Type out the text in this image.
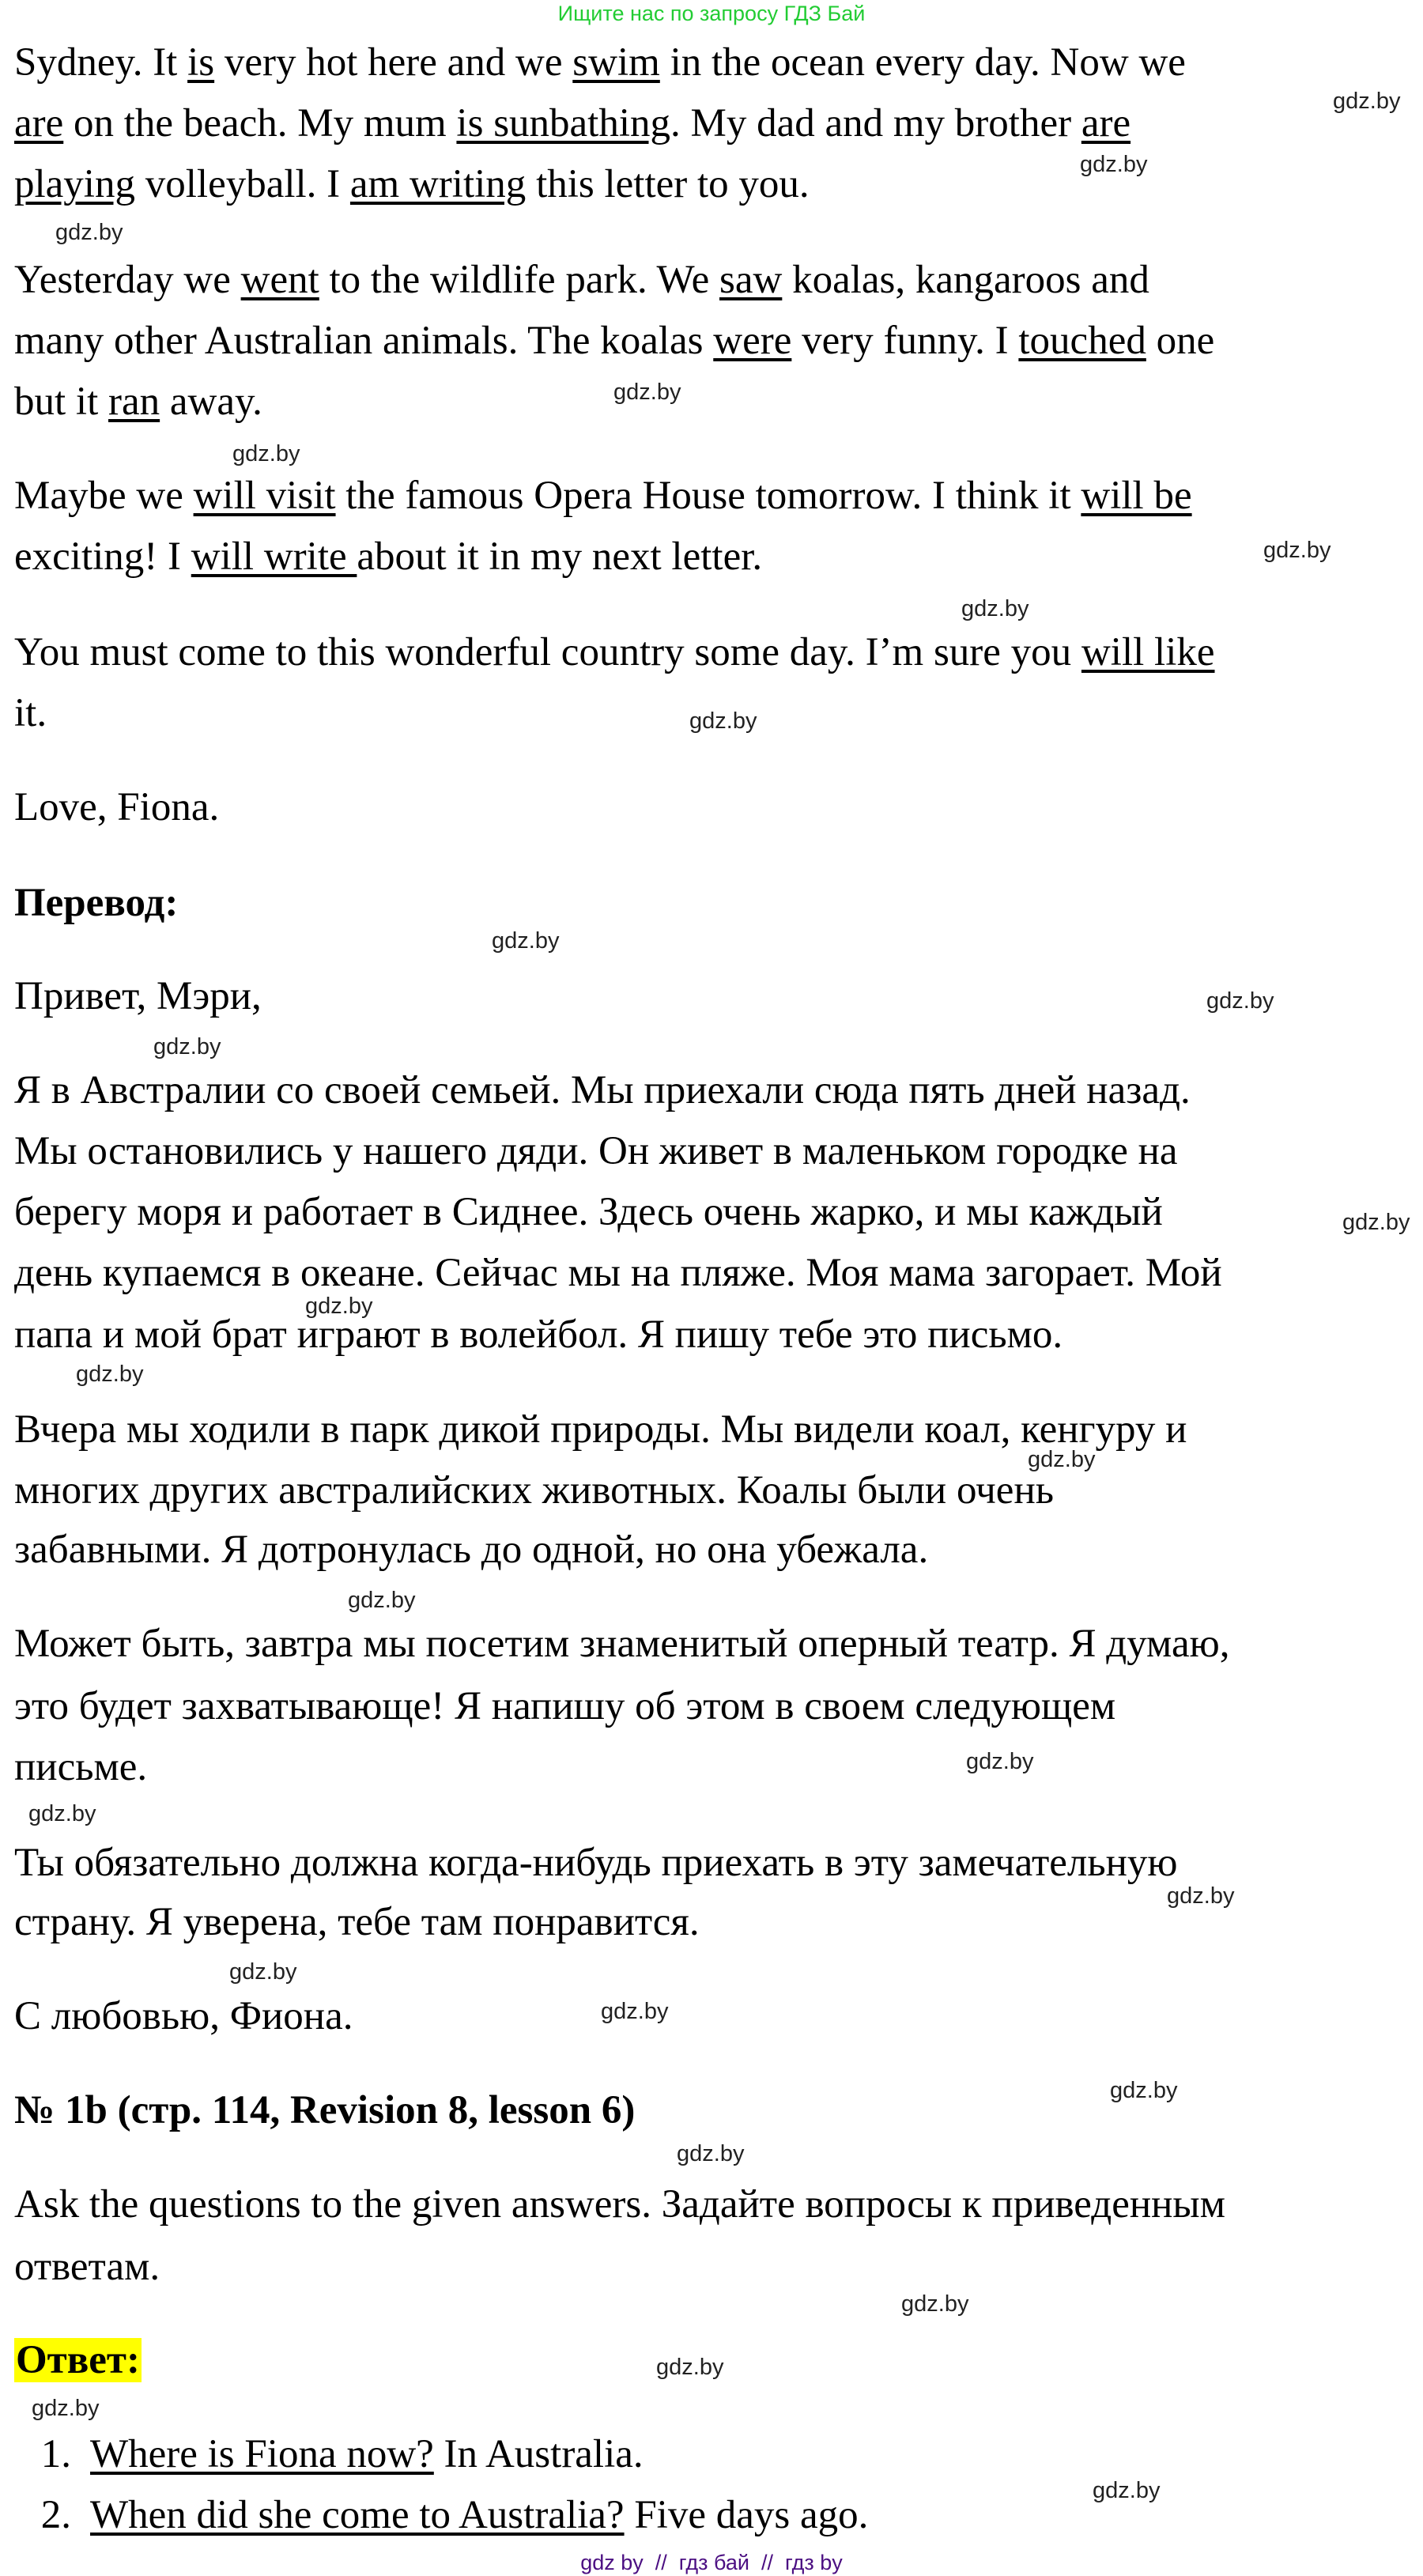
Ищите нас по запросу ГДЗ Бай
Sydney. It is very hot here and we swim in the ocean every day. Now we
are on the beach. My mum is sunbathing. My dad and my brother are
playing volleyball. I am writing this letter to you.
Yesterday we went to the wildlife park. We saw koalas, kangaroos and
many other Australian animals. The koalas were very funny. I touched one
but it ran away.
Maybe we will visit the famous Opera House tomorrow. I think it will be
exciting! I will write about it in my next letter.
You must come to this wonderful country some day. I’m sure you will like
it.
Love, Fiona.
Перевод:
Привет, Мэри,
Я в Австралии со своей семьей. Мы приехали сюда пять дней назад.
Мы остановились у нашего дяди. Он живет в маленьком городке на
берегу моря и работает в Сиднее. Здесь очень жарко, и мы каждый
день купаемся в океане. Сейчас мы на пляже. Моя мама загорает. Мой
папа и мой брат играют в волейбол. Я пишу тебе это письмо.
Вчера мы ходили в парк дикой природы. Мы видели коал, кенгуру и
многих других австралийских животных. Коалы были очень
забавными. Я дотронулась до одной, но она убежала.
Может быть, завтра мы посетим знаменитый оперный театр. Я думаю,
это будет захватывающе! Я напишу об этом в своем следующем
письме.
Ты обязательно должна когда-нибудь приехать в эту замечательную
страну. Я уверена, тебе там понравится.
С любовью, Фиона.
№ 1b (стр. 114, Revision 8, lesson 6)
Ask the questions to the given answers. Задайте вопросы к приведенным
ответам.
Ответ:
1. Where is Fiona now? In Australia.
2. When did she come to Australia? Five days ago.
gdz.by
gdz.by
gdz.by
gdz.by
gdz.by
gdz.by
gdz.by
gdz.by
gdz.by
gdz.by
gdz.by
gdz.by
gdz.by
gdz.by
gdz.by
gdz.by
gdz.by
gdz.by
gdz.by
gdz.by
gdz.by
gdz.by
gdz.by
gdz.by
gdz.by
gdz.by
gdz.by
gdz by  //  гдз бай  //  гдз by
